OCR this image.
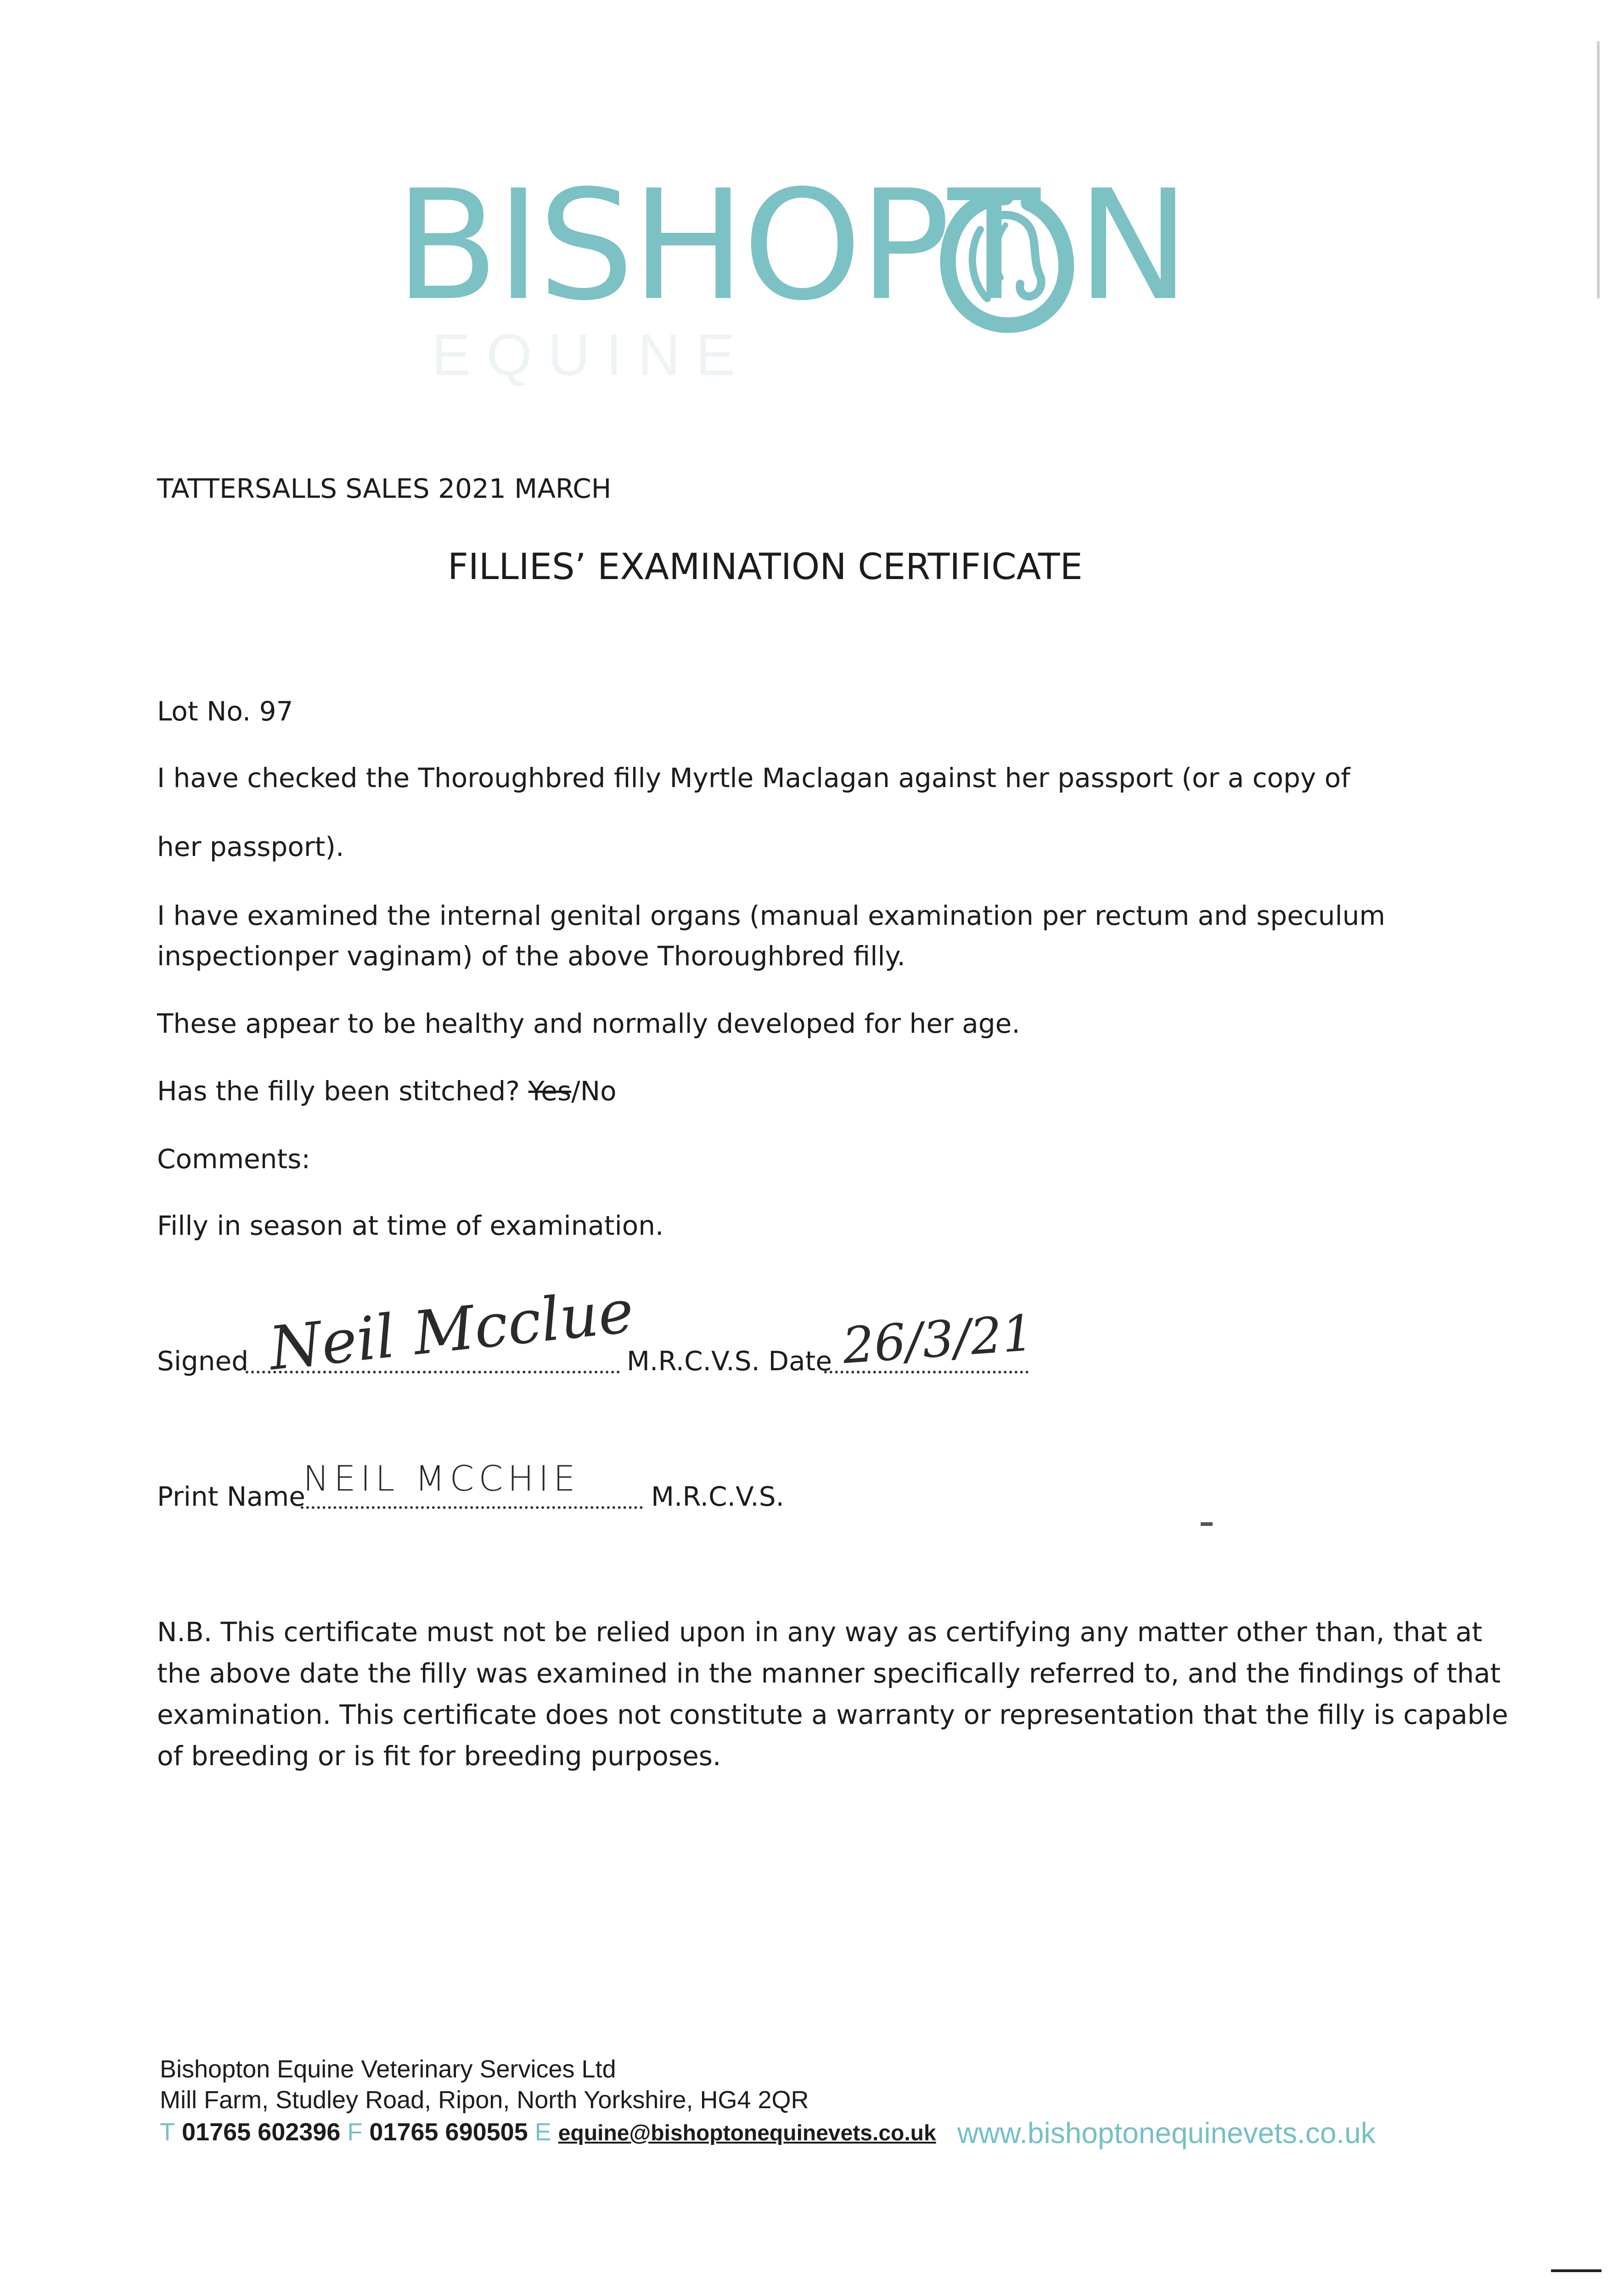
BISHOPT N
EQUINE
TATTERSALLS SALES 2021 MARCH
FILLIES’ EXAMINATION CERTIFICATE
Lot No. 97
I have checked the Thoroughbred filly Myrtle Maclagan against her passport (or a copy of
her passport).
I have examined the internal genital organs (manual examination per rectum and speculum
inspectionper vaginam) of the above Thoroughbred filly.
These appear to be healthy and normally developed for her age.
Has the filly been stitched? Yes/No
Comments:
Filly in season at time of examination.
Signed Neil Mcclue
M.R.C.V.S. Date 26/3/21
Print Name
NEIL MCCHIE	M.R.C.V.S.
N.B. This certificate must not be relied upon in any way as certifying any matter other than, that at
the above date the filly was examined in the manner specifically referred to, and the findings of that
examination. This certificate does not constitute a warranty or representation that the filly is capable
of breeding or is fit for breeding purposes.
Bishopton Equine Veterinary Services Ltd
Mill Farm, Studley Road, Ripon, North Yorkshire, HG4 2QR
T 01765 602396 F 01765 690505 E equine@bishoptonequinevets.co.uk www.bishoptonequinevets.co.uk
